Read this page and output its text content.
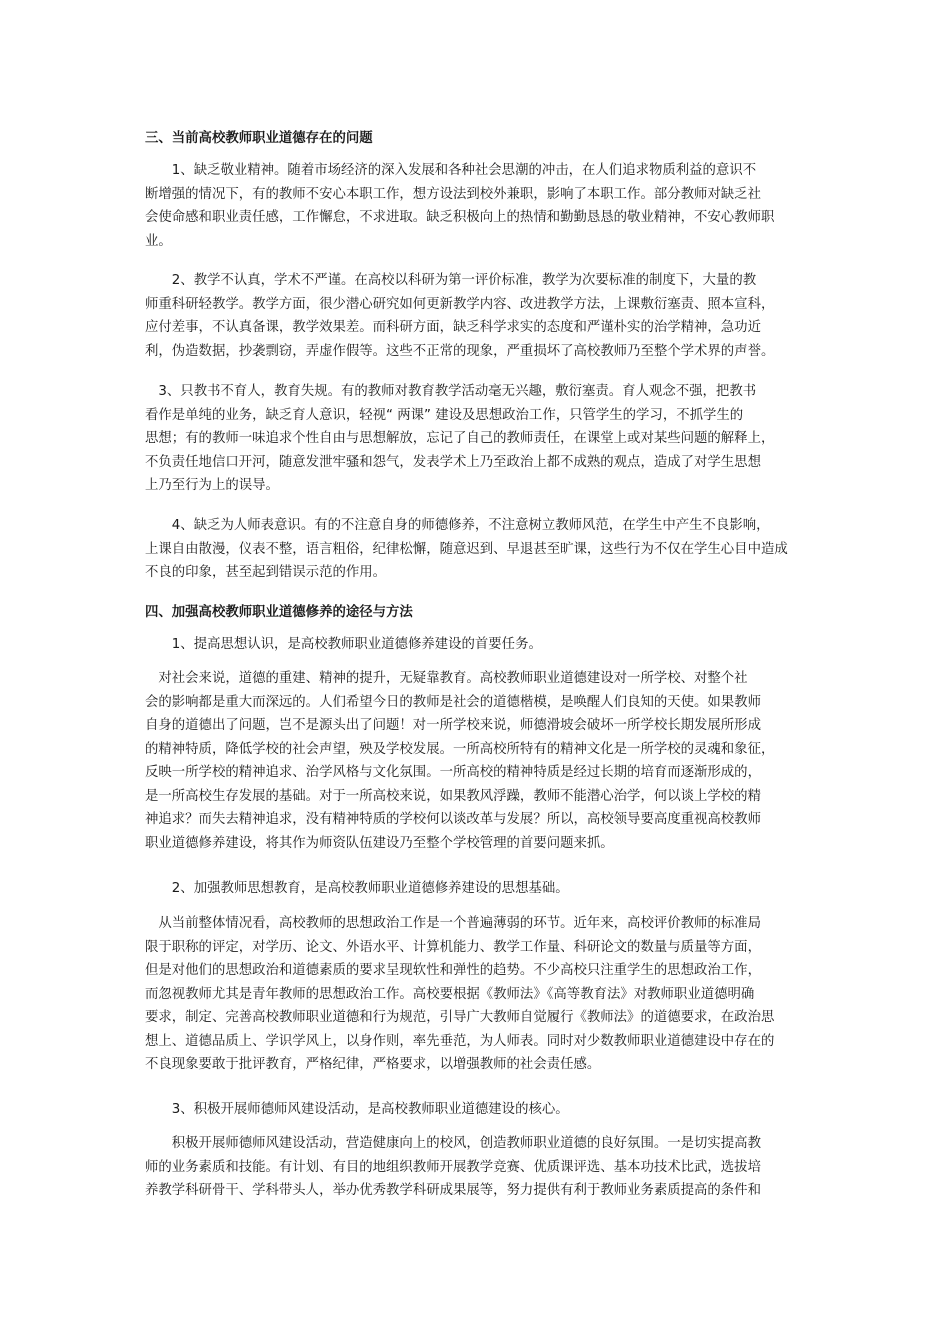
三、当前高校教师职业道德存在的问题

　　1、缺乏敬业精神。随着市场经济的深入发展和各种社会思潮的冲击，在人们追求物质利益的意识不
断增强的情况下，有的教师不安心本职工作，想方设法到校外兼职，影响了本职工作。部分教师对缺乏社
会使命感和职业责任感，工作懈怠，不求进取。缺乏积极向上的热情和勤勤恳恳的敬业精神，不安心教师职
业。

　　2、教学不认真，学术不严谨。在高校以科研为第一评价标准，教学为次要标准的制度下，大量的教
师重科研轻教学。教学方面，很少潜心研究如何更新教学内容、改进教学方法，上课敷衍塞责、照本宣科，
应付差事，不认真备课，教学效果差。而科研方面，缺乏科学求实的态度和严谨朴实的治学精神，急功近
利，伪造数据，抄袭剽窃，弄虚作假等。这些不正常的现象，严重损坏了高校教师乃至整个学术界的声誉。

　3、只教书不育人，教育失规。有的教师对教育教学活动毫无兴趣，敷衍塞责。育人观念不强，把教书
看作是单纯的业务，缺乏育人意识，轻视“ 两课” 建设及思想政治工作，只管学生的学习，不抓学生的
思想；有的教师一味追求个性自由与思想解放，忘记了自己的教师责任，在课堂上或对某些问题的解释上，
不负责任地信口开河，随意发泄牢骚和怨气，发表学术上乃至政治上都不成熟的观点，造成了对学生思想
上乃至行为上的误导。

　　4、缺乏为人师表意识。有的不注意自身的师德修养，不注意树立教师风范，在学生中产生不良影响，
上课自由散漫，仪表不整，语言粗俗，纪律松懈，随意迟到、早退甚至旷课，这些行为不仅在学生心目中造成
不良的印象，甚至起到错误示范的作用。

四、加强高校教师职业道德修养的途径与方法

　　1、提高思想认识，是高校教师职业道德修养建设的首要任务。

　对社会来说，道德的重建、精神的提升，无疑靠教育。高校教师职业道德建设对一所学校、对整个社
会的影响都是重大而深远的。人们希望今日的教师是社会的道德楷模，是唤醒人们良知的天使。如果教师
自身的道德出了问题，岂不是源头出了问题！对一所学校来说，师德滑坡会破坏一所学校长期发展所形成
的精神特质，降低学校的社会声望，殃及学校发展。一所高校所特有的精神文化是一所学校的灵魂和象征，
反映一所学校的精神追求、治学风格与文化氛围。一所高校的精神特质是经过长期的培育而逐渐形成的，
是一所高校生存发展的基础。对于一所高校来说，如果教风浮躁，教师不能潜心治学，何以谈上学校的精
神追求？而失去精神追求，没有精神特质的学校何以谈改革与发展？所以，高校领导要高度重视高校教师
职业道德修养建设，将其作为师资队伍建设乃至整个学校管理的首要问题来抓。

　　2、加强教师思想教育，是高校教师职业道德修养建设的思想基础。

　从当前整体情况看，高校教师的思想政治工作是一个普遍薄弱的环节。近年来，高校评价教师的标准局
限于职称的评定，对学历、论文、外语水平、计算机能力、教学工作量、科研论文的数量与质量等方面，
但是对他们的思想政治和道德素质的要求呈现软性和弹性的趋势。不少高校只注重学生的思想政治工作，
而忽视教师尤其是青年教师的思想政治工作。高校要根据《教师法》《高等教育法》对教师职业道德明确
要求，制定、完善高校教师职业道德和行为规范，引导广大教师自觉履行《教师法》的道德要求，在政治思
想上、道德品质上、学识学风上，以身作则，率先垂范，为人师表。同时对少数教师职业道德建设中存在的
不良现象要敢于批评教育，严格纪律，严格要求，以增强教师的社会责任感。

　　3、积极开展师德师风建设活动，是高校教师职业道德建设的核心。

　　积极开展师德师风建设活动，营造健康向上的校风，创造教师职业道德的良好氛围。一是切实提高教
师的业务素质和技能。有计划、有目的地组织教师开展教学竞赛、优质课评选、基本功技术比武，选拔培
养教学科研骨干、学科带头人，举办优秀教学科研成果展等，努力提供有利于教师业务素质提高的条件和
